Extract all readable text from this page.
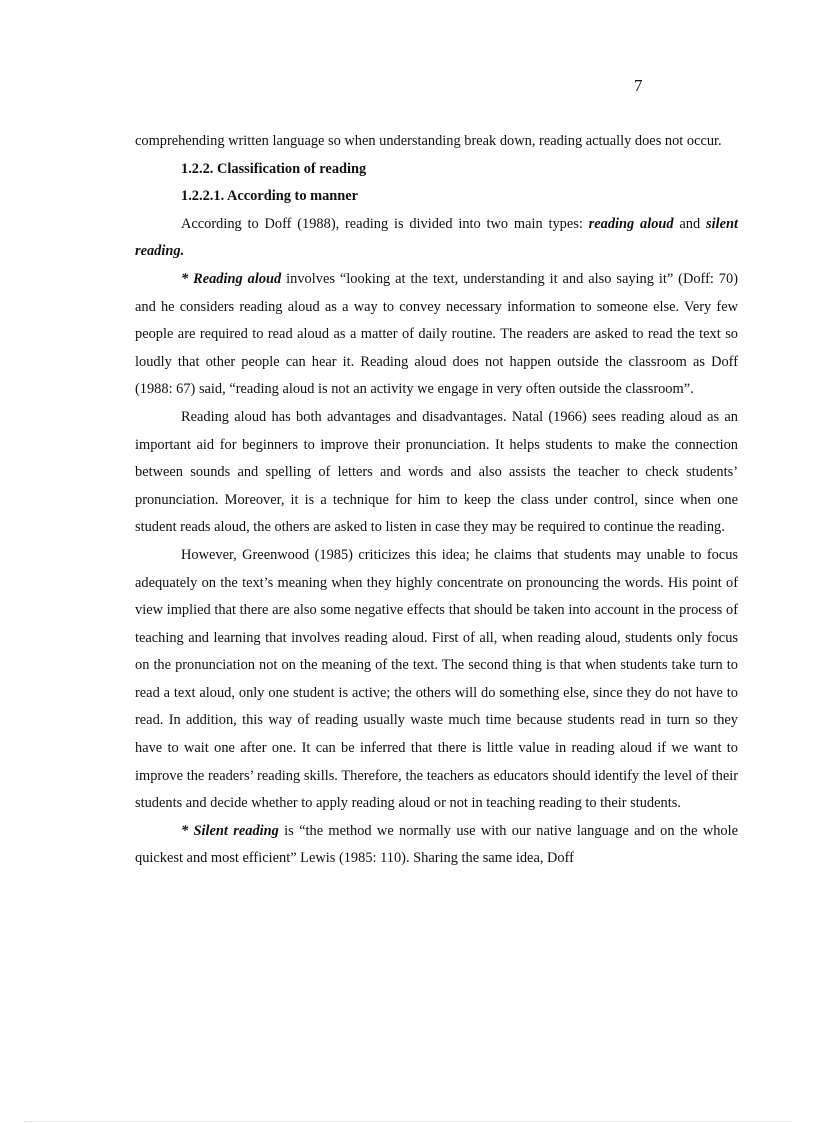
7

comprehending written language so when understanding break down, reading actually does not occur.

1.2.2. Classification of reading

1.2.2.1. According to manner

According to Doff (1988), reading is divided into two main types: reading aloud and silent reading.

* Reading aloud involves “looking at the text, understanding it and also saying it” (Doff: 70) and he considers reading aloud as a way to convey necessary information to someone else. Very few people are required to read aloud as a matter of daily routine. The readers are asked to read the text so loudly that other people can hear it. Reading aloud does not happen outside the classroom as Doff (1988: 67) said, “reading aloud is not an activity we engage in very often outside the classroom”.

Reading aloud has both advantages and disadvantages. Natal (1966) sees reading aloud as an important aid for beginners to improve their pronunciation. It helps students to make the connection between sounds and spelling of letters and words and also assists the teacher to check students’ pronunciation. Moreover, it is a technique for him to keep the class under control, since when one student reads aloud, the others are asked to listen in case they may be required to continue the reading.

However, Greenwood (1985) criticizes this idea; he claims that students may unable to focus adequately on the text’s meaning when they highly concentrate on pronouncing the words. His point of view implied that there are also some negative effects that should be taken into account in the process of teaching and learning that involves reading aloud. First of all, when reading aloud, students only focus on the pronunciation not on the meaning of the text. The second thing is that when students take turn to read a text aloud, only one student is active; the others will do something else, since they do not have to read. In addition, this way of reading usually waste much time because students read in turn so they have to wait one after one. It can be inferred that there is little value in reading aloud if we want to improve the readers’ reading skills. Therefore, the teachers as educators should identify the level of their students and decide whether to apply reading aloud or not in teaching reading to their students.

* Silent reading is “the method we normally use with our native language and on the whole quickest and most efficient” Lewis (1985: 110). Sharing the same idea, Doff
